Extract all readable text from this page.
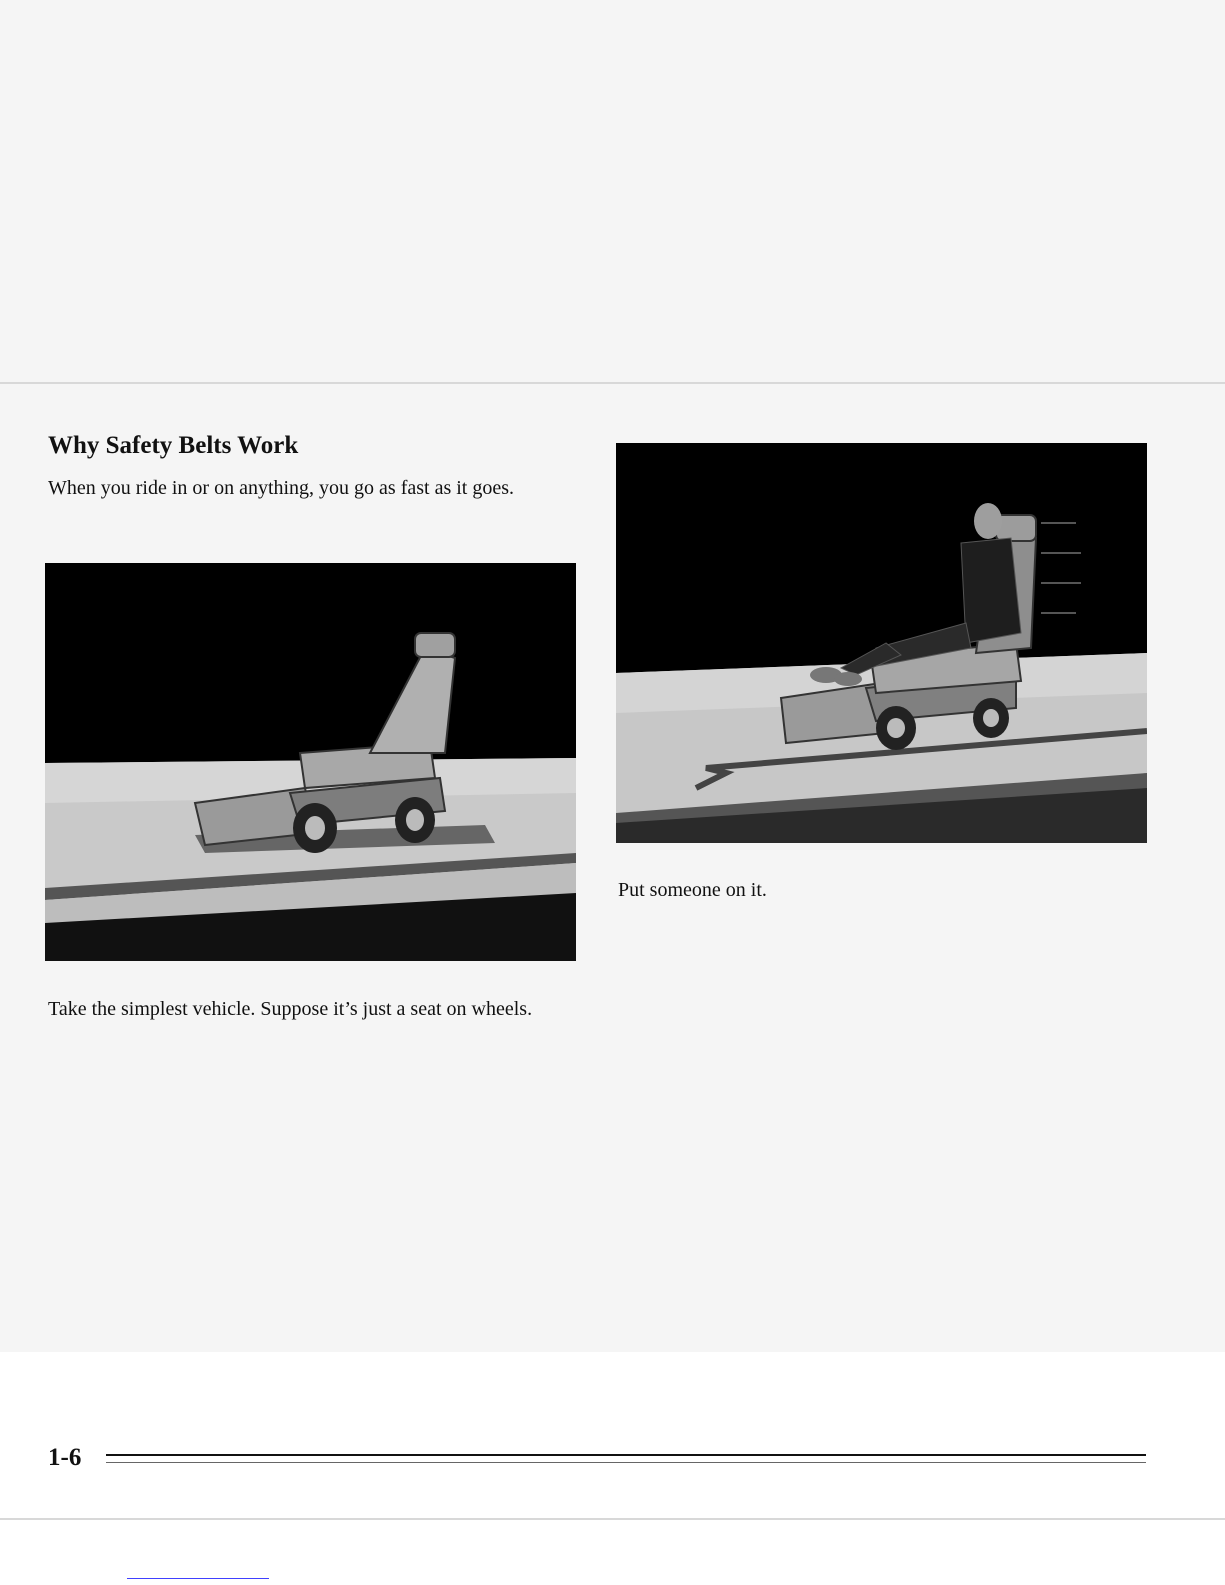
Why Safety Belts Work

When you ride in or on anything, you go as fast as it goes.

Take the simplest vehicle. Suppose it’s just a seat on wheels.

Put someone on it.

1-6
